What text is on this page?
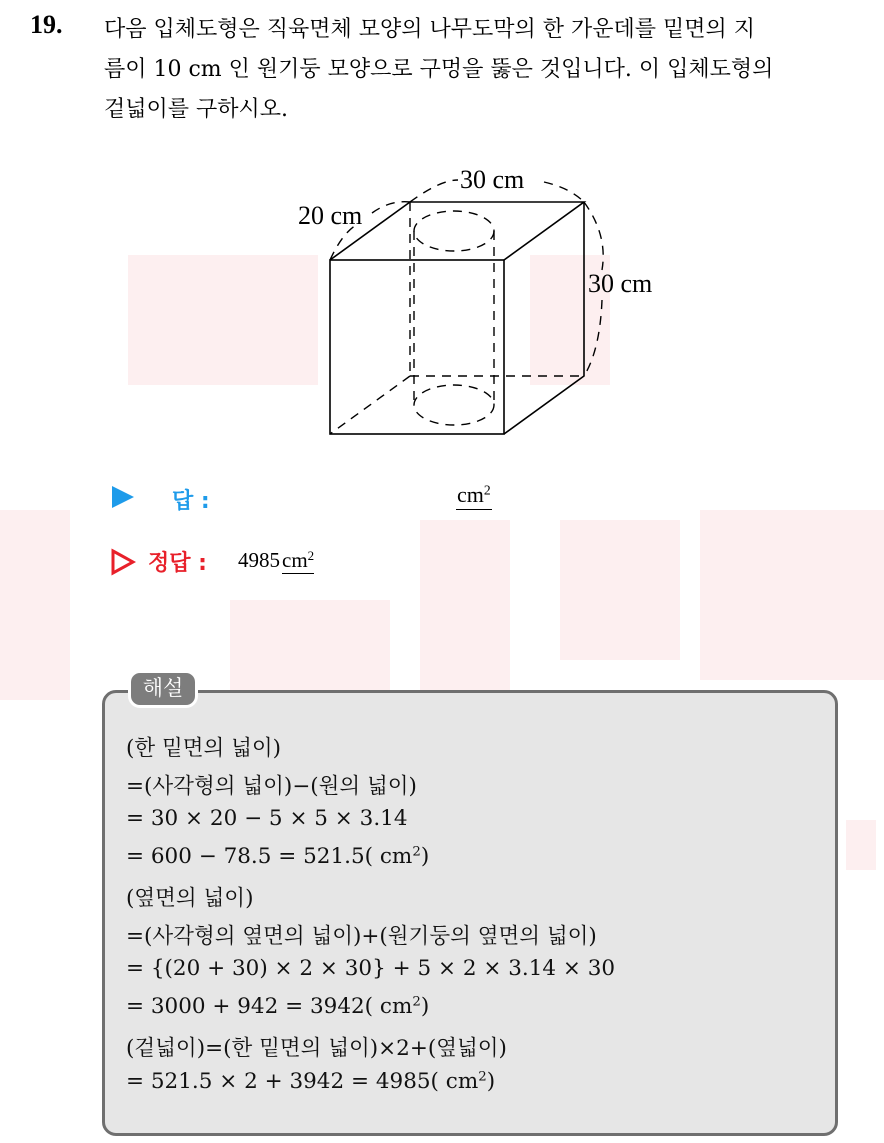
19. 다음 입체도형은 직육면체 모양의 나무도막의 한 가운데를 밑면의 지
름이 10 cm 인 원기둥 모양으로 구멍을 뚫은 것입니다. 이 입체도형의
겉넓이를 구하시오.
30 cm
20 cm
30 cm
답 :	$cm^2$
정답 : $4985cm^2$
해설
(한 밑면의 넓이)
=(사각형의 넓이)−(원의 넓이)
= 30 × 20 − 5 × 5 × 3.14
= 600 − 78.5 = 521.5( $cm^2$)
(옆면의 넓이)
=(사각형의 옆면의 넓이)+(원기둥의 옆면의 넓이)
= {(20 + 30) × 2 × 30} + 5 × 2 × 3.14 × 30
= 3000 + 942 = 3942( $cm^2$)
(겉넓이)=(한 밑면의 넓이)×2+(옆넓이)
= 521.5 × 2 + 3942 = 4985( $cm^2$)
